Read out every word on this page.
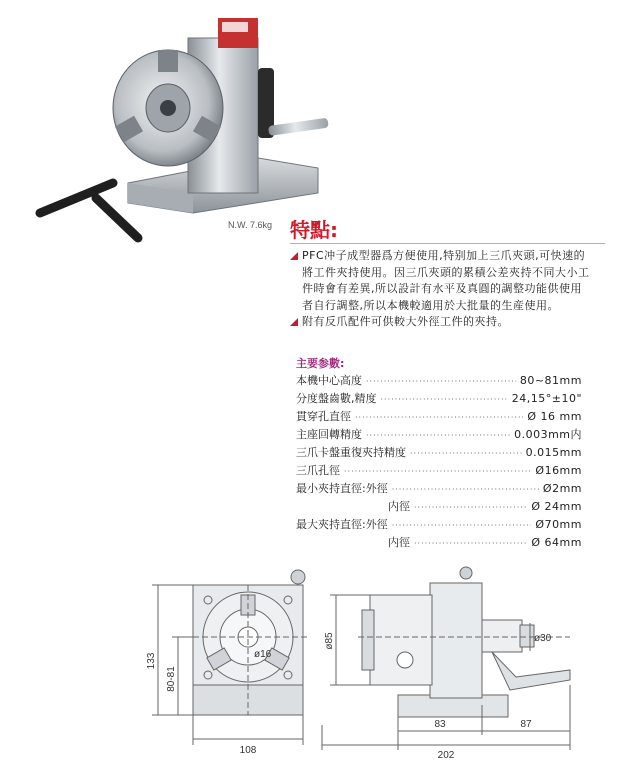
N.W. 7.6kg 特點:

PFC冲子成型器爲方便使用,特别加上三爪夾頭,可快速的將工件夾持使用。因三爪夾頭的累積公差夾持不同大小工件時會有差異,所以設計有水平及真圓的調整功能供使用者自行調整,所以本機較適用於大批量的生産使用。

附有反爪配件可供較大外徑工件的夾持。

主要参數:
本機中心高度 ·····	80~81mm
分度盤齒數,精度 ·····	24,15°±10"
貫穿孔直徑 ·····	Ø 16 mm
主座回轉精度 ·····	0.003mm内
三爪卡盤重復夾持精度 ·····	0.015mm
三爪孔徑 ·····	Ø16mm
最小夾持直徑:外徑 ·····	Ø2mm
内徑 ·····	Ø 24mm
最大夾持直徑:外徑 ·····	Ø70mm
内徑 ·····	Ø 64mm
133
80-81
ø16
108
ø85	ø30
83	87
202
